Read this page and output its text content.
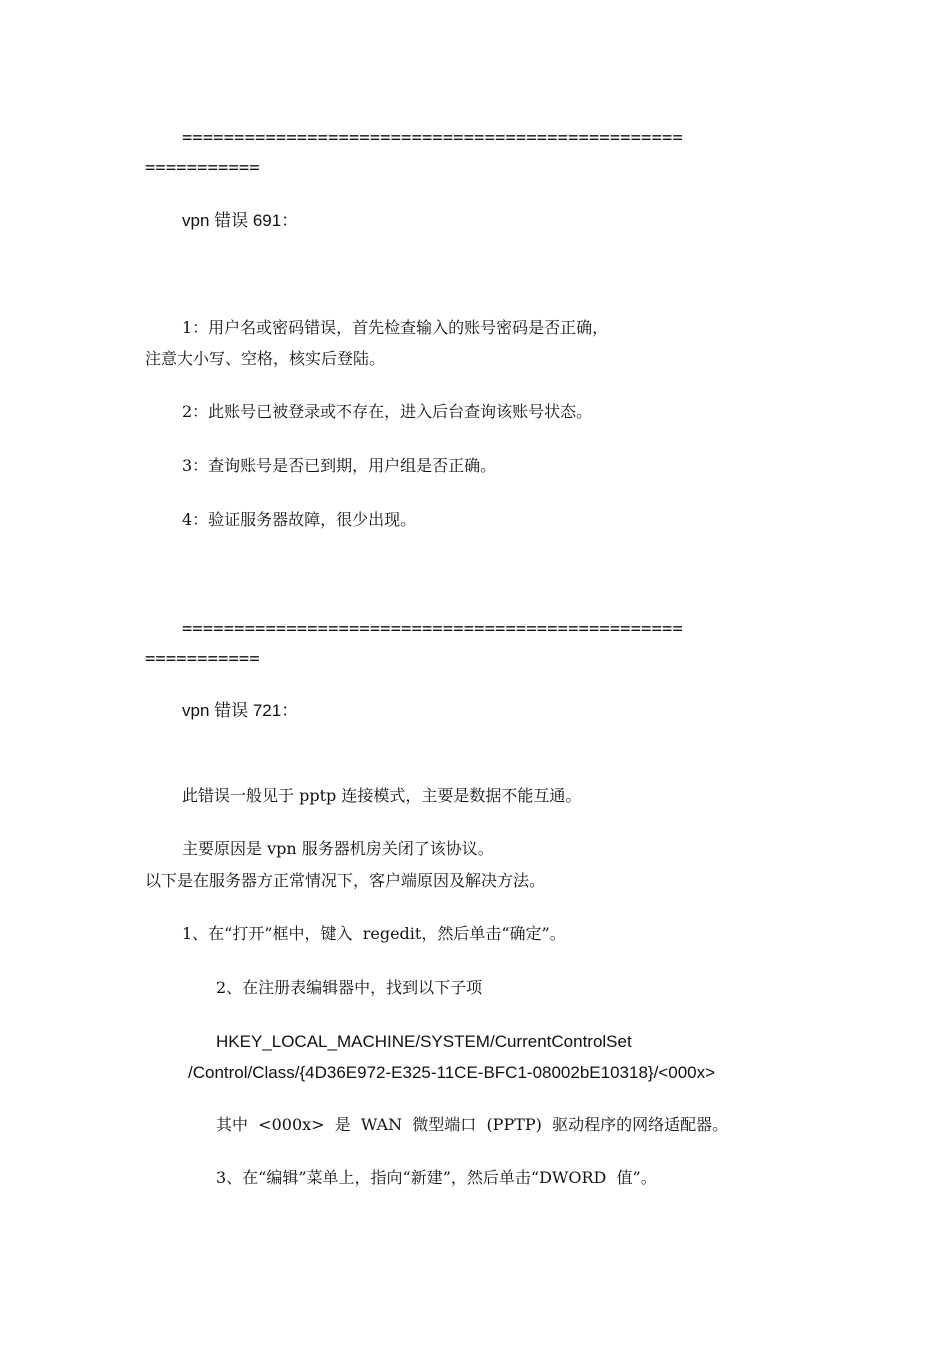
================================================
===========
vpn 错误 691：
1：用户名或密码错误，首先检查输入的账号密码是否正确，
注意大小写、空格，核实后登陆。
2：此账号已被登录或不存在，进入后台查询该账号状态。
3：查询账号是否已到期，用户组是否正确。
4：验证服务器故障，很少出现。
================================================
===========
vpn 错误 721：
此错误一般见于 pptp 连接模式，主要是数据不能互通。
主要原因是 vpn 服务器机房关闭了该协议。
以下是在服务器方正常情况下，客户端原因及解决方法。
1、在“打开”框中，键入  regedit，然后单击“确定”。
2、在注册表编辑器中，找到以下子项
HKEY_LOCAL_MACHINE/SYSTEM/CurrentControlSet
/Control/Class/{4D36E972-E325-11CE-BFC1-08002bE10318}/<000x>
其中  <000x>  是  WAN  微型端口  (PPTP)  驱动程序的网络适配器。
3、在“编辑”菜单上，指向“新建”，然后单击“DWORD  值”。
